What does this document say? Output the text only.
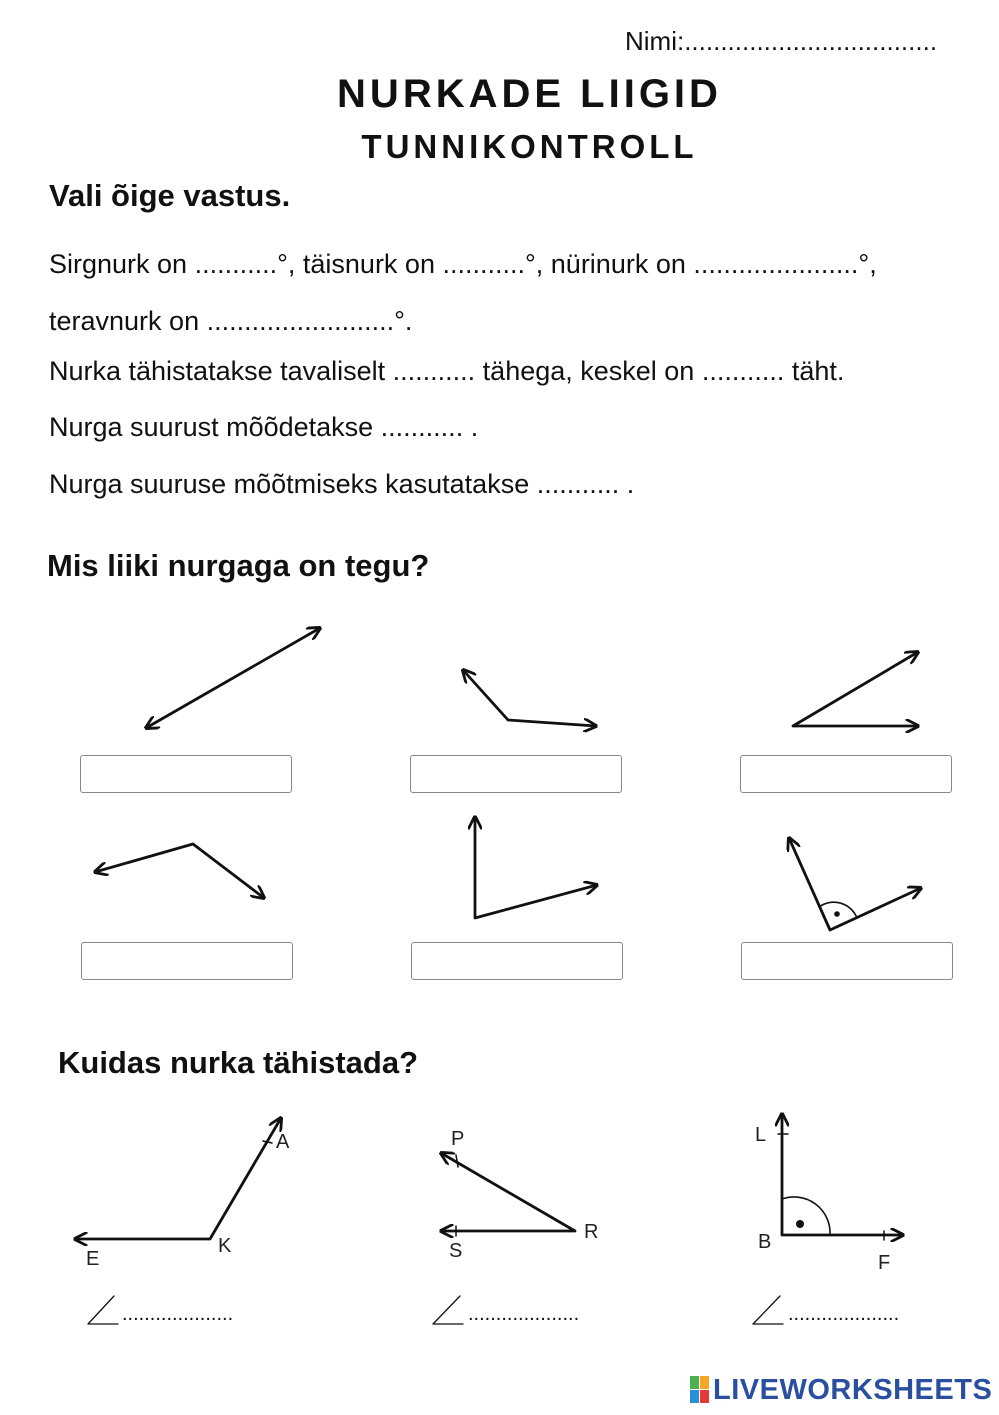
Nimi:...................................
NURKADE LIIGID
TUNNIKONTROLL
Vali õige vastus.
Sirgnurk on ...........°, täisnurk on ...........°, nürinurk on ......................°,
teravnurk on .........................°.
Nurka tähistatakse tavaliselt ........... tähega, keskel on ........... täht.
Nurga suurust mõõdetakse ........... .
Nurga suuruse mõõtmiseks kasutatakse ........... .
Mis liiki nurgaga on tegu?
Kuidas nurka tähistada?
A
E
K
P
R
S
L
B
F
....................	....................	....................
LIVEWORKSHEETS
